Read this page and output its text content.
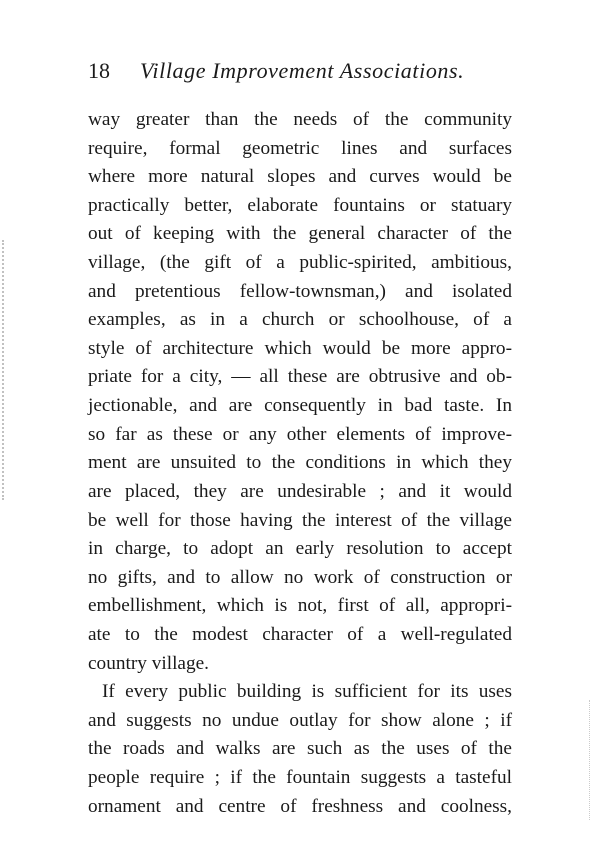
18 Village Improvement Associations.
way greater than the needs of the community
require, formal geometric lines and surfaces
where more natural slopes and curves would be
practically better, elaborate fountains or statuary
out of keeping with the general character of the
village, (the gift of a public-spirited, ambitious,
and pretentious fellow-townsman,) and isolated
examples, as in a church or schoolhouse, of a
style of architecture which would be more appro-
priate for a city, — all these are obtrusive and ob-
jectionable, and are consequently in bad taste. In
so far as these or any other elements of improve-
ment are unsuited to the conditions in which they
are placed, they are undesirable ; and it would
be well for those having the interest of the village
in charge, to adopt an early resolution to accept
no gifts, and to allow no work of construction or
embellishment, which is not, first of all, appropri-
ate to the modest character of a well-regulated
country village.
If every public building is sufficient for its uses
and suggests no undue outlay for show alone ; if
the roads and walks are such as the uses of the
people require ; if the fountain suggests a tasteful
ornament and centre of freshness and coolness,
